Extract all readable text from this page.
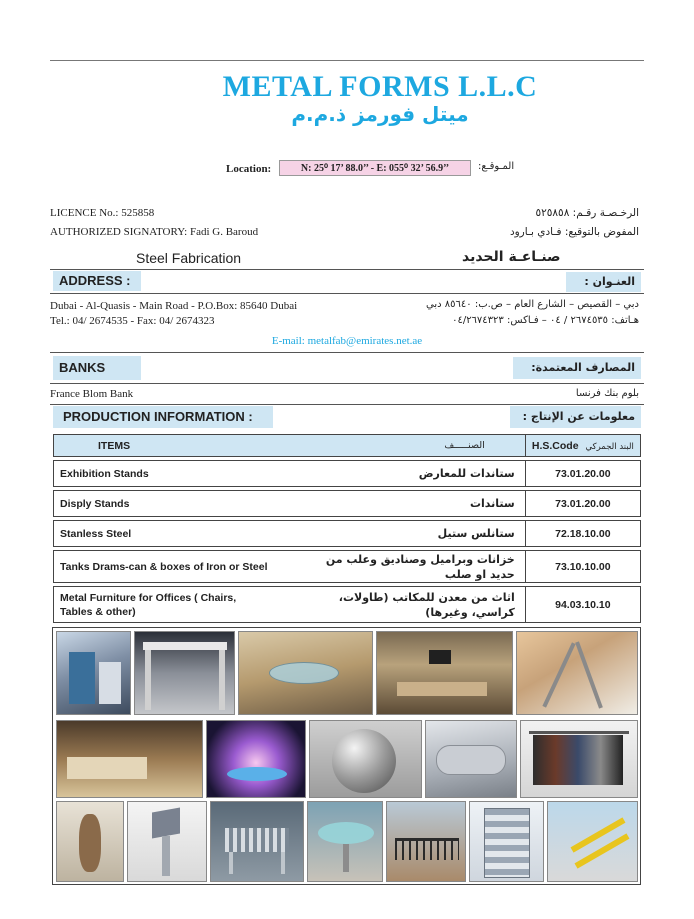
METAL FORMS L.L.C
ميتل فورمز ذ.م.م
Location:	N: 25⁰ 17’ 88.0’’ - E: 055⁰ 32’ 56.9’’	المـوقـع:
LICENCE No.: 525858	الرخـصـة رقـم: ٥٢٥٨٥٨
AUTHORIZED SIGNATORY: Fadi G. Baroud	المفوض بالتوقيع: فـادي بـارود
Steel Fabrication	صنـاعـة الحديد
ADDRESS :	العنـوان :
Dubai - Al-Quasis - Main Road - P.O.Box: 85640 Dubai
Tel.: 04/ 2674535 - Fax: 04/ 2674323
دبي – القصيص – الشارع العام – ص.ب: ٨٥٦٤٠ دبي
هـاتف: ٢٦٧٤٥٣٥ / ٠٤ – فـاكس: ٠٤/٢٦٧٤٣٢٣
E-mail: metalfab@emirates.net.ae
BANKS	المصارف المعتمدة:
France Blom Bank	بلوم بنك فرنسا
PRODUCTION INFORMATION :	معلومات عن الإنتاج :
ITEMS	الصنـــــف	H.S.Code البند الجمركي

Exhibition Stands	ستاندات للمعارض	73.01.20.00

Disply Stands	ستاندات	73.01.20.00

Stanless Steel	ستانلس ستيل	72.18.10.00

Tanks Drams-can & boxes of Iron or Steel	خزانات وبراميل وصناديق وعلب من حديد او صلب	73.10.10.00

Metal Furniture for Offices ( Chairs, Tables & other)	اثاث من معدن للمكاتب (طاولات، كراسي، وغيرها)	94.03.10.10
